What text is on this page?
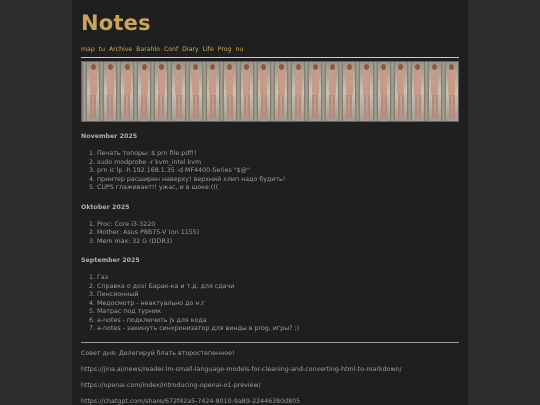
Notes
map tu Archive Barahlo Conf Diary Life Prog nu
November 2025
1. Печать топоры: $ prn file.pdf!!
2. sudo modprobe -r kvm_intel kvm
3. prn ic lp -h 192.168.1.35 -d MF4400-Series "$@"
4. принтер расширен наверху! верхний хлип надо будить!
5. CUPS глаживает!! ужас, и в шоке:(((
Oktober 2025
1. Proc: Core i3-3220
2. Mother: Asus P8B75-V (on 1155)
3. Mem max: 32 G (DDR3)
September 2025
1. Газ
2. Справка о доз! Барак-ка и т.д. для сдачи
3. Пенсионный
4. Медосмотр - неактуально до н.г
5. Матрас под турник
6. a-notes - подключить js для кода
7. a-notes - закинуть синхронизатор для винды в prog, игры? ;)
Совет дня: Делегируй блать второстепенное!
https://jina.ai/news/reader-lm-small-language-models-for-cleaning-and-converting-html-to-markdown/
https://openai.com/index/introducing-openai-o1-preview/
https://chatgpt.com/share/672f42a5-7424-8010-9a89-22446380d805
